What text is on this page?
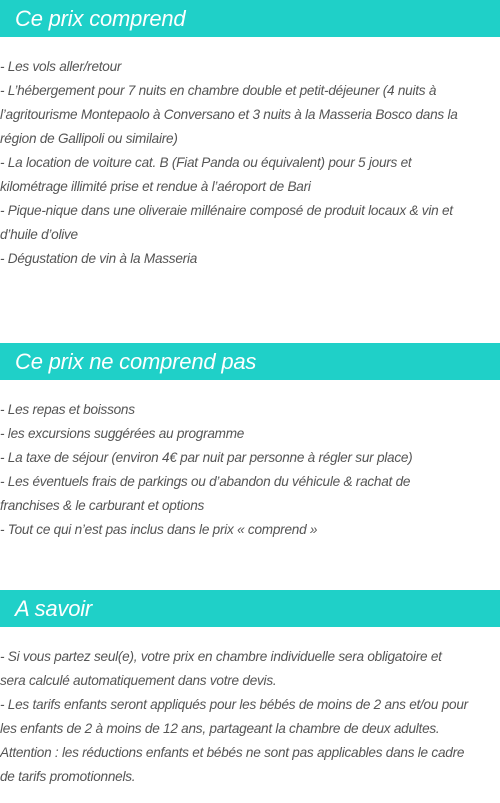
Ce prix comprend
- Les vols aller/retour
- L’hébergement pour 7 nuits en chambre double et petit-déjeuner (4 nuits à
l’agritourisme Montepaolo à Conversano et 3 nuits à la Masseria Bosco dans la
région de Gallipoli ou similaire)
- La location de voiture cat. B (Fiat Panda ou équivalent) pour 5 jours et
kilométrage illimité prise et rendue à l’aéroport de Bari
- Pique-nique dans une oliveraie millénaire composé de produit locaux & vin et
d’huile d’olive
- Dégustation de vin à la Masseria
Ce prix ne comprend pas
- Les repas et boissons
- les excursions suggérées au programme
- La taxe de séjour (environ 4€ par nuit par personne à régler sur place)
- Les éventuels frais de parkings ou d’abandon du véhicule & rachat de
franchises & le carburant et options
- Tout ce qui n’est pas inclus dans le prix « comprend »
A savoir
- Si vous partez seul(e), votre prix en chambre individuelle sera obligatoire et
sera calculé automatiquement dans votre devis.
- Les tarifs enfants seront appliqués pour les bébés de moins de 2 ans et/ou pour
les enfants de 2 à moins de 12 ans, partageant la chambre de deux adultes.
Attention : les réductions enfants et bébés ne sont pas applicables dans le cadre
de tarifs promotionnels.
